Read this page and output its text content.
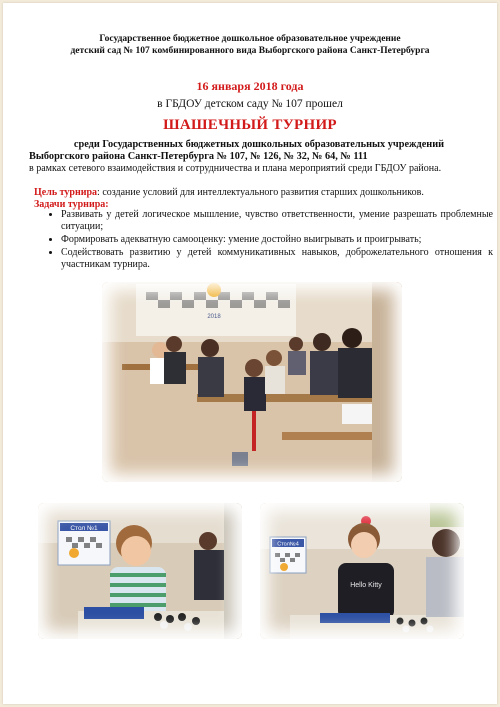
Государственное бюджетное дошкольное образовательное учреждение
детский сад № 107 комбинированного вида Выборгского района Санкт-Петербурга
16 января 2018 года
в ГБДОУ детском саду № 107 прошел
ШАШЕЧНЫЙ ТУРНИР
среди Государственных бюджетных дошкольных образовательных учреждений
Выборгского района Санкт-Петербурга № 107, № 126, № 32, № 64, № 111
в рамках сетевого взаимодействия и сотрудничества и плана мероприятий среди ГБДОУ района.
Цель турнира: создание условий для интеллектуального развития старших дошкольников.
Задачи турнира:
• Развивать у детей логическое мышление, чувство ответственности, умение разрешать проблемные ситуации;
• Формировать адекватную самооценку: умение достойно выигрывать и проигрывать;
• Содействовать развитию у детей коммуникативных навыков, доброжелательного отношения к участникам турнира.
2018
Стол №1
Стол№4
Hello Kitty
